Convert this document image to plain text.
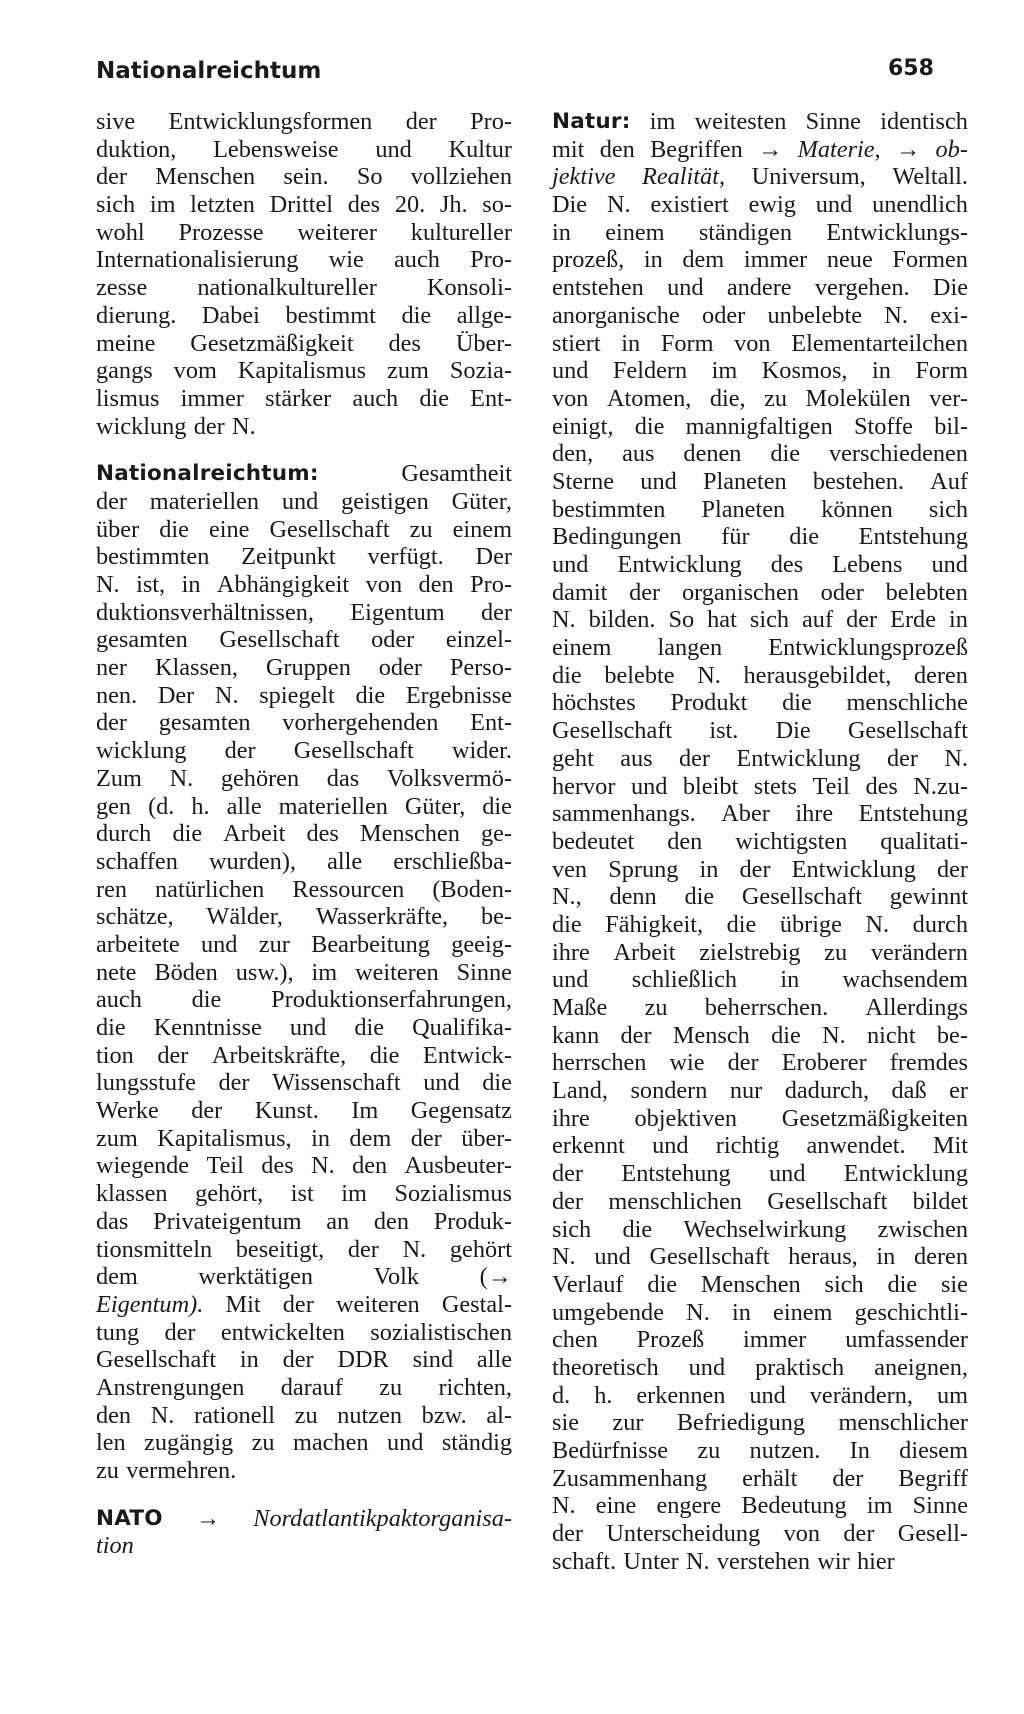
Nationalreichtum	658
sive Entwicklungsformen der Pro-
duktion, Lebensweise und Kultur
der Menschen sein. So vollziehen
sich im letzten Drittel des 20. Jh. so-
wohl Prozesse weiterer kultureller
Internationalisierung wie auch Pro-
zesse nationalkultureller Konsoli-
dierung. Dabei bestimmt die allge-
meine Gesetzmäßigkeit des Über-
gangs vom Kapitalismus zum Sozia-
lismus immer stärker auch die Ent-
wicklung der N.
Nationalreichtum:	Gesamtheit
der materiellen und geistigen Güter,
über die eine Gesellschaft zu einem
bestimmten Zeitpunkt verfügt. Der
N. ist, in Abhängigkeit von den Pro-
duktionsverhältnissen, Eigentum der
gesamten Gesellschaft oder einzel-
ner Klassen, Gruppen oder Perso-
nen. Der N. spiegelt die Ergebnisse
der gesamten vorhergehenden Ent-
wicklung der Gesellschaft wider.
Zum N. gehören das Volksvermö-
gen (d. h. alle materiellen Güter, die
durch die Arbeit des Menschen ge-
schaffen wurden), alle erschließba-
ren natürlichen Ressourcen (Boden-
schätze, Wälder, Wasserkräfte, be-
arbeitete und zur Bearbeitung geeig-
nete Böden usw.), im weiteren Sinne
auch die Produktionserfahrungen,
die Kenntnisse und die Qualifika-
tion der Arbeitskräfte, die Entwick-
lungsstufe der Wissenschaft und die
Werke der Kunst. Im Gegensatz
zum Kapitalismus, in dem der über-
wiegende Teil des N. den Ausbeuter-
klassen gehört, ist im Sozialismus
das Privateigentum an den Produk-
tionsmitteln beseitigt, der N. gehört
dem werktätigen Volk (→
Eigentum). Mit der weiteren Gestal-
tung der entwickelten sozialistischen
Gesellschaft in der DDR sind alle
Anstrengungen darauf zu richten,
den N. rationell zu nutzen bzw. al-
len zugängig zu machen und ständig
zu vermehren.
NATO → Nordatlantikpaktorganisa-
tion
Natur: im weitesten Sinne identisch
mit den Begriffen → Materie, → ob-
jektive Realität, Universum, Weltall.
Die N. existiert ewig und unendlich
in einem ständigen Entwicklungs-
prozeß, in dem immer neue Formen
entstehen und andere vergehen. Die
anorganische oder unbelebte N. exi-
stiert in Form von Elementarteilchen
und Feldern im Kosmos, in Form
von Atomen, die, zu Molekülen ver-
einigt, die mannigfaltigen Stoffe bil-
den, aus denen die verschiedenen
Sterne und Planeten bestehen. Auf
bestimmten Planeten können sich
Bedingungen für die Entstehung
und Entwicklung des Lebens und
damit der organischen oder belebten
N. bilden. So hat sich auf der Erde in
einem langen Entwicklungsprozeß
die belebte N. herausgebildet, deren
höchstes Produkt die menschliche
Gesellschaft ist. Die Gesellschaft
geht aus der Entwicklung der N.
hervor und bleibt stets Teil des N.zu-
sammenhangs. Aber ihre Entstehung
bedeutet den wichtigsten qualitati-
ven Sprung in der Entwicklung der
N., denn die Gesellschaft gewinnt
die Fähigkeit, die übrige N. durch
ihre Arbeit zielstrebig zu verändern
und schließlich in wachsendem
Maße zu beherrschen. Allerdings
kann der Mensch die N. nicht be-
herrschen wie der Eroberer fremdes
Land, sondern nur dadurch, daß er
ihre objektiven Gesetzmäßigkeiten
erkennt und richtig anwendet. Mit
der Entstehung und Entwicklung
der menschlichen Gesellschaft bildet
sich die Wechselwirkung zwischen
N. und Gesellschaft heraus, in deren
Verlauf die Menschen sich die sie
umgebende N. in einem geschichtli-
chen Prozeß immer umfassender
theoretisch und praktisch aneignen,
d. h. erkennen und verändern, um
sie zur Befriedigung menschlicher
Bedürfnisse zu nutzen. In diesem
Zusammenhang erhält der Begriff
N. eine engere Bedeutung im Sinne
der Unterscheidung von der Gesell-
schaft. Unter N. verstehen wir hier
